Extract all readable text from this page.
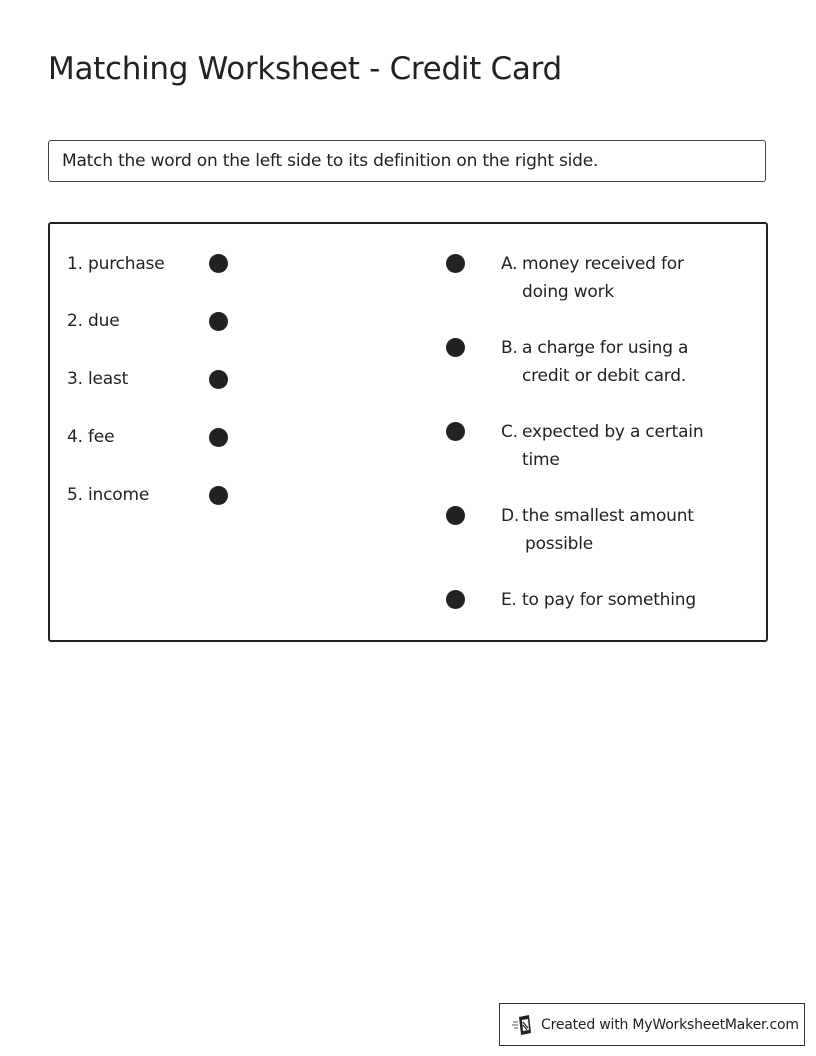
Matching Worksheet - Credit Card
Match the word on the left side to its definition on the right side.
1. purchase
2. due
3. least
4. fee
5. income
A. money received for
doing work
B. a charge for using a
credit or debit card.
C. expected by a certain
time
D. the smallest amount
possible
E. to pay for something
Created with MyWorksheetMaker.com
